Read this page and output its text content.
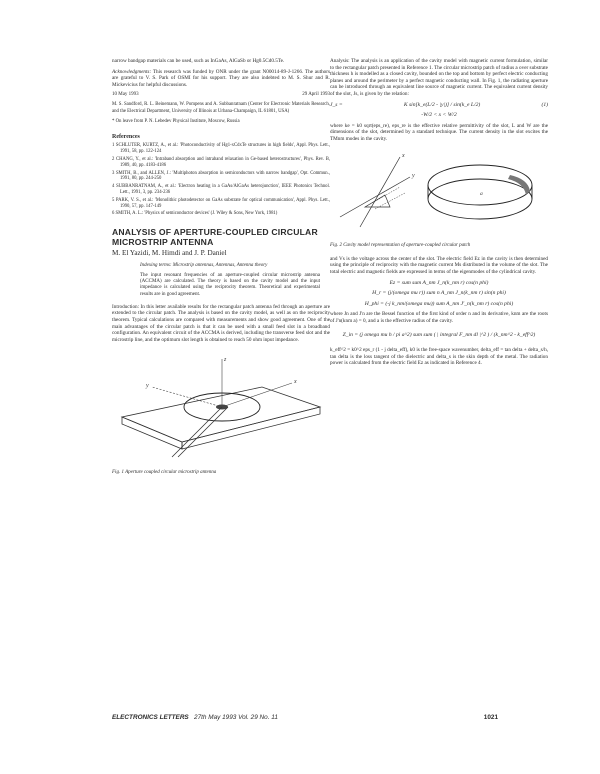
narrow bandgap materials can be used, such as InGaAs, AlGaSb or Hg0.5Cd0.5Te.

Acknowledgments: This research was funded by ONR under the grant N00014-89-J-1266. The authors are grateful to V. S. Park of OSMI for his support. They are also indebted to M. S. Shur and R. Mickevicius for helpful discussions.

10 May 1993	29 April 1993

M. S. Sandford, R. L. Beinemann, W. Pompens and A. Subbanratnam (Center for Electronic Materials Research, and the Electrical Department, University of Illinois at Urbana-Champaign, IL 61801, USA)

* On leave from P. N. Lebedev Physical Institute, Moscow, Russia

References
1 SCHLUTER, KURTZ, A., et al.: 'Photoconductivity of Hg1-xCdxTe structures in high fields', Appl. Phys. Lett., 1991, 58, pp. 122-124
2 CHANG, Y., et al.: 'Intraband absorption and intraband relaxation in Ge-based heterostructures', Phys. Rev. B, 1989, 40, pp. 4183-4186
3 SMITH, B., and ALLEN, J.: 'Multiphoton absorption in semiconductors with narrow bandgap', Opt. Commun., 1991, 80, pp. 244-250
4 SUBBANRATNAM, A., et al.: 'Electron heating in a GaAs/AlGaAs heterojunction', IEEE Photonics Technol. Lett., 1991, 3, pp. 234-236
5 PARK, V. S., et al.: 'Monolithic photodetector on GaAs substrate for optical communication', Appl. Phys. Lett., 1990, 57, pp. 147-149
6 SMITH, A. L.: 'Physics of semiconductor devices' (J. Wiley & Sons, New York, 1981)
ANALYSIS OF APERTURE-COUPLED CIRCULAR MICROSTRIP ANTENNA
M. El Yazidi, M. Himdi and J. P. Daniel

Indexing terms: Microstrip antennas, Antennas, Antenna theory

The input resonant frequencies of an aperture-coupled circular microstrip antenna (ACCMA) are calculated. The theory is based on the cavity model and the input impedance is calculated using the reciprocity theorem. Theoretical and experimental results are in good agreement.

Introduction: In this letter available results for the rectangular patch antenna fed through an aperture are extended to the circular patch. The analysis is based on the cavity model, as well as on the reciprocity theorem. Typical calculations are compared with measurements and show good agreement. One of the main advantages of the circular patch is that it can be used with a small feed slot in a broadband configuration. An equivalent circuit of the ACCMA is derived, including the transverse feed slot and the microstrip line, and the optimum slot length is obtained to reach 50 ohm input impedance.

z
x
y
Fig. 1 Aperture coupled circular microstrip antenna

Analysis: The analysis is an application of the cavity model with magnetic current formulation, similar to the rectangular patch presented in Reference 1. The circular microstrip patch of radius a over substrate thickness h is modelled as a closed cavity, bounded on the top and bottom by perfect electric conducting planes and around the perimeter by a perfect magnetic conducting wall. In Fig. 1, the radiating aperture can be introduced through an equivalent line source of magnetic current. The equivalent current density of the slot, Js, is given by the relation:

J_s =	K sin[k_e(L/2 - |y|)] / sin(k_e L/2)	(1)
-W/2 < x < W/2

where ke = k0 sqrt(eps_re), eps_re is the effective relative permittivity of the slot, L and W are the dimensions of the slot, determined by a standard technique. The current density in the slot excites the TMnm modes in the cavity.

y
x
a
Fig. 2 Cavity model representation of aperture-coupled circular patch

and Vs is the voltage across the center of the slot. The electric field Ez in the cavity is then determined using the principle of reciprocity with the magnetic current Ms distributed in the volume of the slot. The total electric and magnetic fields are expressed in terms of the eigenmodes of the cylindrical cavity.

Ez = sum sum A_nm J_n(k_nm r) cos(n phi)
H_r = (j/(omega mu r)) sum n A_nm J_n(k_nm r) sin(n phi)
H_phi = (-j k_nm/(omega mu)) sum A_nm J'_n(k_nm r) cos(n phi)

where Jn and J'n are the Bessel function of the first kind of order n and its derivative, knm are the roots of J'n(knm a) = 0, and a is the effective radius of the cavity.

Z_in = (j omega mu h / pi a^2) sum sum ( | integral F_nm dl |^2 ) / (k_nm^2 - k_eff^2)

k_eff^2 = k0^2 eps_r (1 - j delta_eff), k0 is the free-space wavenumber, delta_eff = tan delta + delta_s/h, tan delta is the loss tangent of the dielectric and delta_s is the skin depth of the metal. The radiation power is calculated from the electric field Ez as indicated in Reference 4.

ELECTRONICS LETTERS 27th May 1993 Vol. 29 No. 11	1021
